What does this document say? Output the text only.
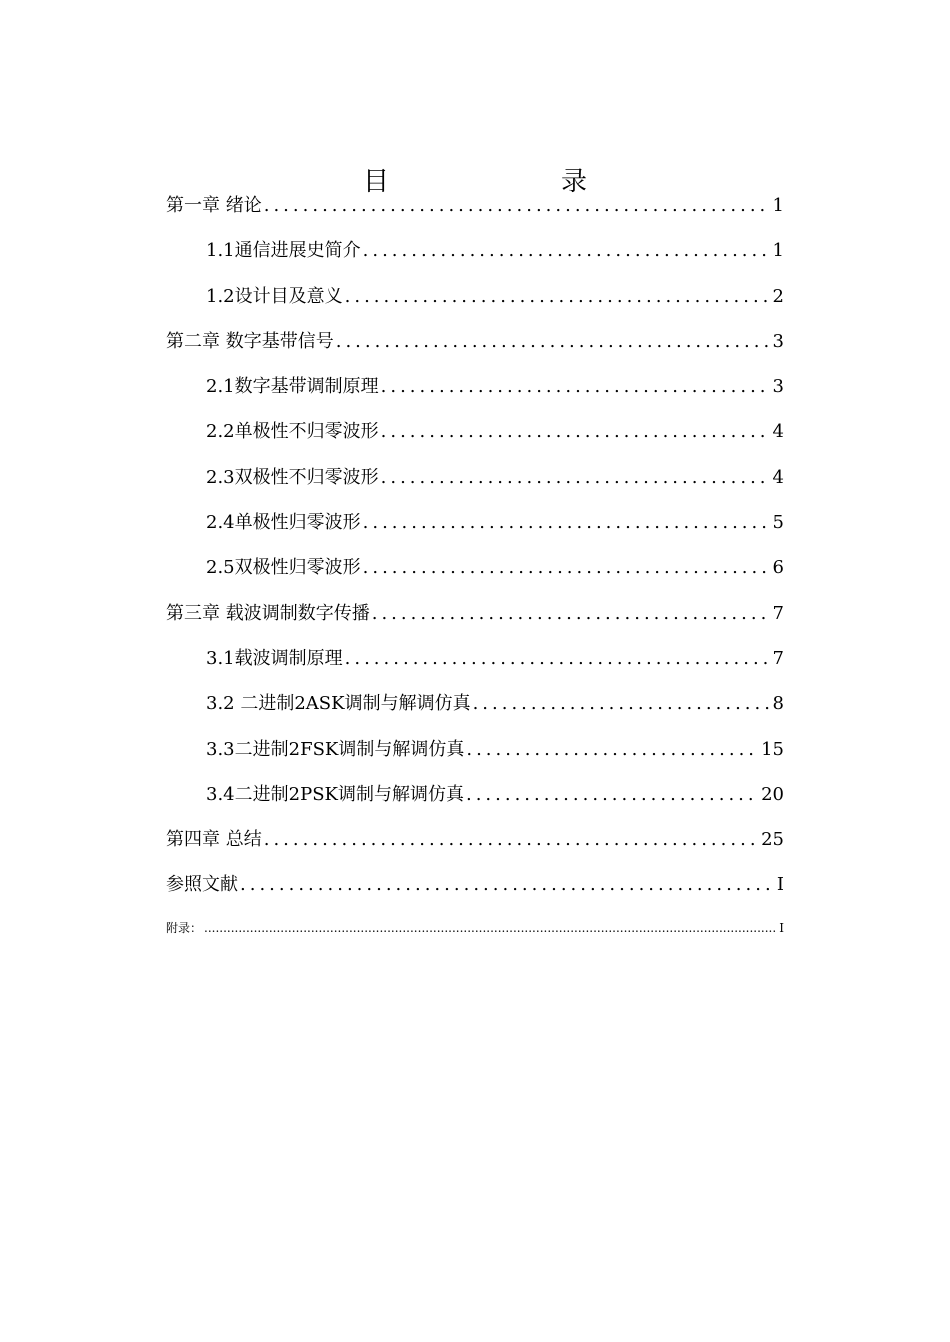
目　　录
第一章 绪论 .....	1
1.1通信进展史简介 .....	1
1.2设计目及意义 .....	2
第二章 数字基带信号 .....	3
2.1数字基带调制原理 .....	3
2.2单极性不归零波形 .....	4
2.3双极性不归零波形 .....	4
2.4单极性归零波形 .....	5
2.5双极性归零波形 .....	6
第三章 载波调制数字传播 .....	7
3.1载波调制原理 .....	7
3.2 二进制2ASK调制与解调仿真 .....	8
3.3二进制2FSK调制与解调仿真 .....	15
3.4二进制2PSK调制与解调仿真 .....	20
第四章 总结 .....	25
参照文献 .....	I
附录： .....	I
